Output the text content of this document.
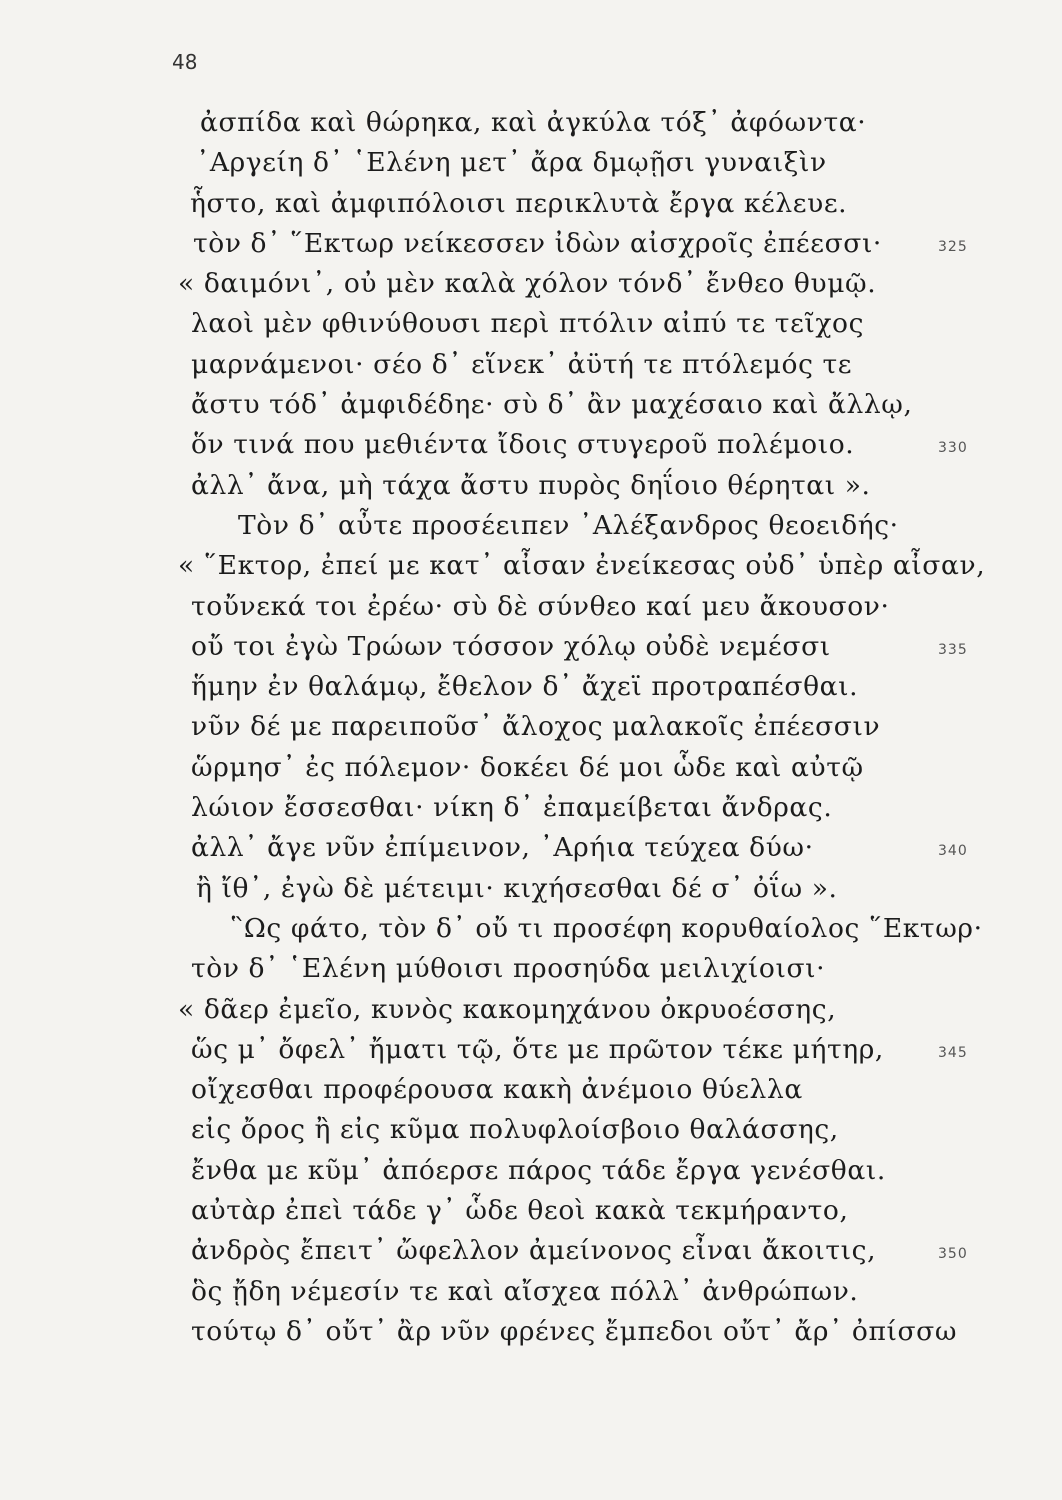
48
ἀσπίδα καὶ θώρηκα, καὶ ἀγκύλα τόξ᾽ ἀφόωντα·
᾽Αργείη δ᾽ ῾Ελένη μετ᾽ ἄρα δμῳῇσι γυναιξὶν
ἧστο, καὶ ἀμφιπόλοισι περικλυτὰ ἔργα κέλευε.
τὸν δ᾽ ῞Εκτωρ νείκεσσεν ἰδὼν αἰσχροῖς ἐπέεσσι·	325
« δαιμόνι᾽, οὐ μὲν καλὰ χόλον τόνδ᾽ ἔνθεο θυμῷ.
λαοὶ μὲν φθινύθουσι περὶ πτόλιν αἰπύ τε τεῖχος
μαρνάμενοι· σέο δ᾽ εἵνεκ᾽ ἀϋτή τε πτόλεμός τε
ἄστυ τόδ᾽ ἀμφιδέδηε· σὺ δ᾽ ἂν μαχέσαιο καὶ ἄλλῳ,
ὅν τινά που μεθιέντα ἴδοις στυγεροῦ πολέμοιο.	330
ἀλλ᾽ ἄνα, μὴ τάχα ἄστυ πυρὸς δηΐοιο θέρηται ».
Τὸν δ᾽ αὖτε προσέειπεν ᾽Αλέξανδρος θεοειδής·
« ῞Εκτορ, ἐπεί με κατ᾽ αἶσαν ἐνείκεσας οὐδ᾽ ὑπὲρ αἶσαν,
τοὔνεκά τοι ἐρέω· σὺ δὲ σύνθεο καί μευ ἄκουσον·
οὔ τοι ἐγὼ Τρώων τόσσον χόλῳ οὐδὲ νεμέσσι	335
ἥμην ἐν θαλάμῳ, ἔθελον δ᾽ ἄχεϊ προτραπέσθαι.
νῦν δέ με παρειποῦσ᾽ ἄλοχος μαλακοῖς ἐπέεσσιν
ὥρμησ᾽ ἐς πόλεμον· δοκέει δέ μοι ὧδε καὶ αὐτῷ
λώιον ἔσσεσθαι· νίκη δ᾽ ἐπαμείβεται ἄνδρας.
ἀλλ᾽ ἄγε νῦν ἐπίμεινον, ᾽Αρήια τεύχεα δύω·	340
ἢ ἴθ᾽, ἐγὼ δὲ μέτειμι· κιχήσεσθαι δέ σ᾽ ὀΐω ».
῝Ως φάτο, τὸν δ᾽ οὔ τι προσέφη κορυθαίολος ῞Εκτωρ·
τὸν δ᾽ ῾Ελένη μύθοισι προσηύδα μειλιχίοισι·
« δᾶερ ἐμεῖο, κυνὸς κακομηχάνου ὀκρυοέσσης,
ὥς μ᾽ ὄφελ᾽ ἤματι τῷ, ὅτε με πρῶτον τέκε μήτηρ,	345
οἴχεσθαι προφέρουσα κακὴ ἀνέμοιο θύελλα
εἰς ὄρος ἢ εἰς κῦμα πολυφλοίσβοιο θαλάσσης,
ἔνθα με κῦμ᾽ ἀπόερσε πάρος τάδε ἔργα γενέσθαι.
αὐτὰρ ἐπεὶ τάδε γ᾽ ὧδε θεοὶ κακὰ τεκμήραντο,
ἀνδρὸς ἔπειτ᾽ ὤφελλον ἀμείνονος εἶναι ἄκοιτις,	350
ὃς ᾔδη νέμεσίν τε καὶ αἴσχεα πόλλ᾽ ἀνθρώπων.
τούτῳ δ᾽ οὔτ᾽ ἂρ νῦν φρένες ἔμπεδοι οὔτ᾽ ἄρ᾽ ὀπίσσω
